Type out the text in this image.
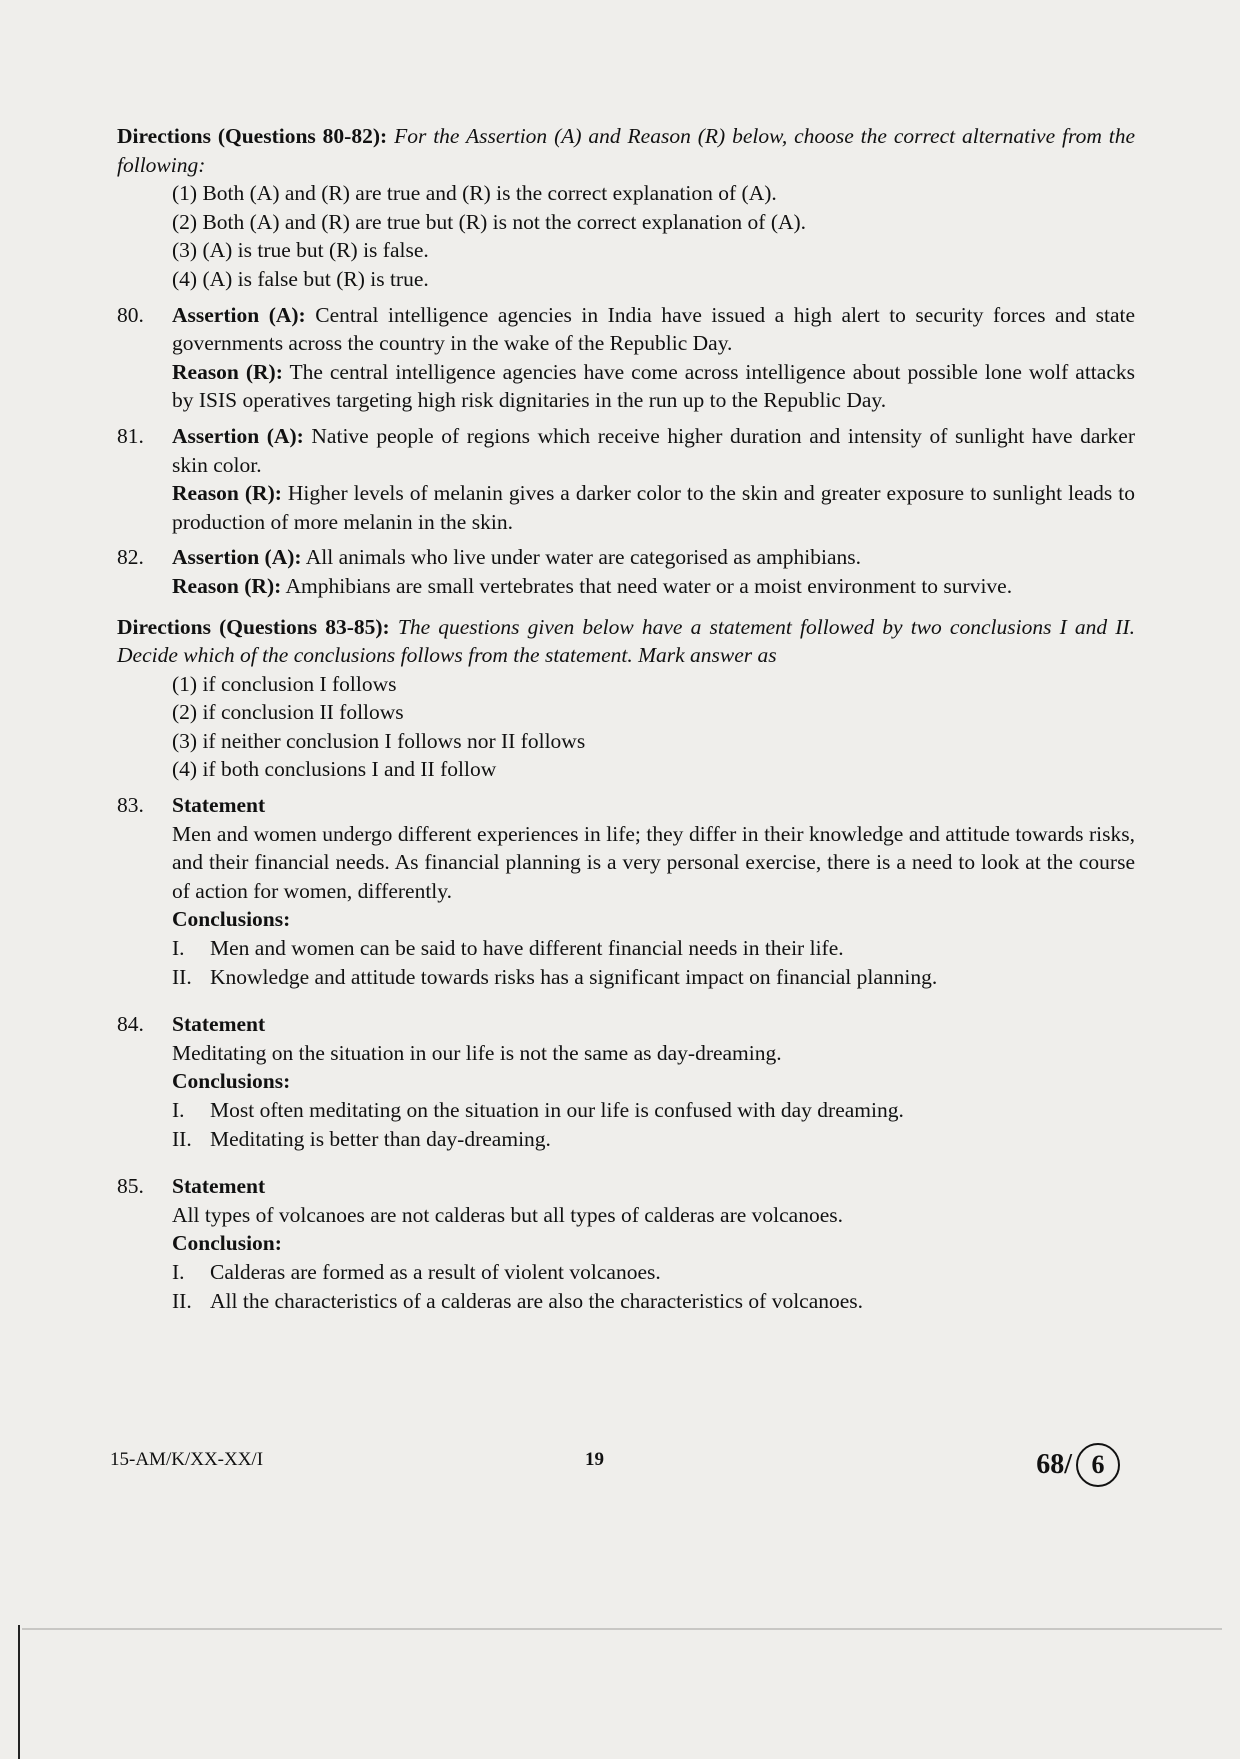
Directions (Questions 80-82): For the Assertion (A) and Reason (R) below, choose the correct alternative from the following:
(1) Both (A) and (R) are true and (R) is the correct explanation of (A).
(2) Both (A) and (R) are true but (R) is not the correct explanation of (A).
(3) (A) is true but (R) is false.
(4) (A) is false but (R) is true.
80.	Assertion (A): Central intelligence agencies in India have issued a high alert to security forces and state governments across the country in the wake of the Republic Day.
Reason (R): The central intelligence agencies have come across intelligence about possible lone wolf attacks by ISIS operatives targeting high risk dignitaries in the run up to the Republic Day.
81.	Assertion (A): Native people of regions which receive higher duration and intensity of sunlight have darker skin color.
Reason (R): Higher levels of melanin gives a darker color to the skin and greater exposure to sunlight leads to production of more melanin in the skin.
82.	Assertion (A): All animals who live under water are categorised as amphibians.
Reason (R): Amphibians are small vertebrates that need water or a moist environment to survive.
Directions (Questions 83-85): The questions given below have a statement followed by two conclusions I and II. Decide which of the conclusions follows from the statement. Mark answer as
(1) if conclusion I follows
(2) if conclusion II follows
(3) if neither conclusion I follows nor II follows
(4) if both conclusions I and II follow
83.	Statement
Men and women undergo different experiences in life; they differ in their knowledge and attitude towards risks, and their financial needs. As financial planning is a very personal exercise, there is a need to look at the course of action for women, differently.
Conclusions:
I.	Men and women can be said to have different financial needs in their life.
II. Knowledge and attitude towards risks has a significant impact on financial planning.
84.	Statement
Meditating on the situation in our life is not the same as day-dreaming.
Conclusions:
I.	Most often meditating on the situation in our life is confused with day dreaming.
II. Meditating is better than day-dreaming.
85.	Statement
All types of volcanoes are not calderas but all types of calderas are volcanoes.
Conclusion:
I.	Calderas are formed as a result of violent volcanoes.
II. All the characteristics of a calderas are also the characteristics of volcanoes.
15-AM/K/XX-XX/I	19	68/ 6
